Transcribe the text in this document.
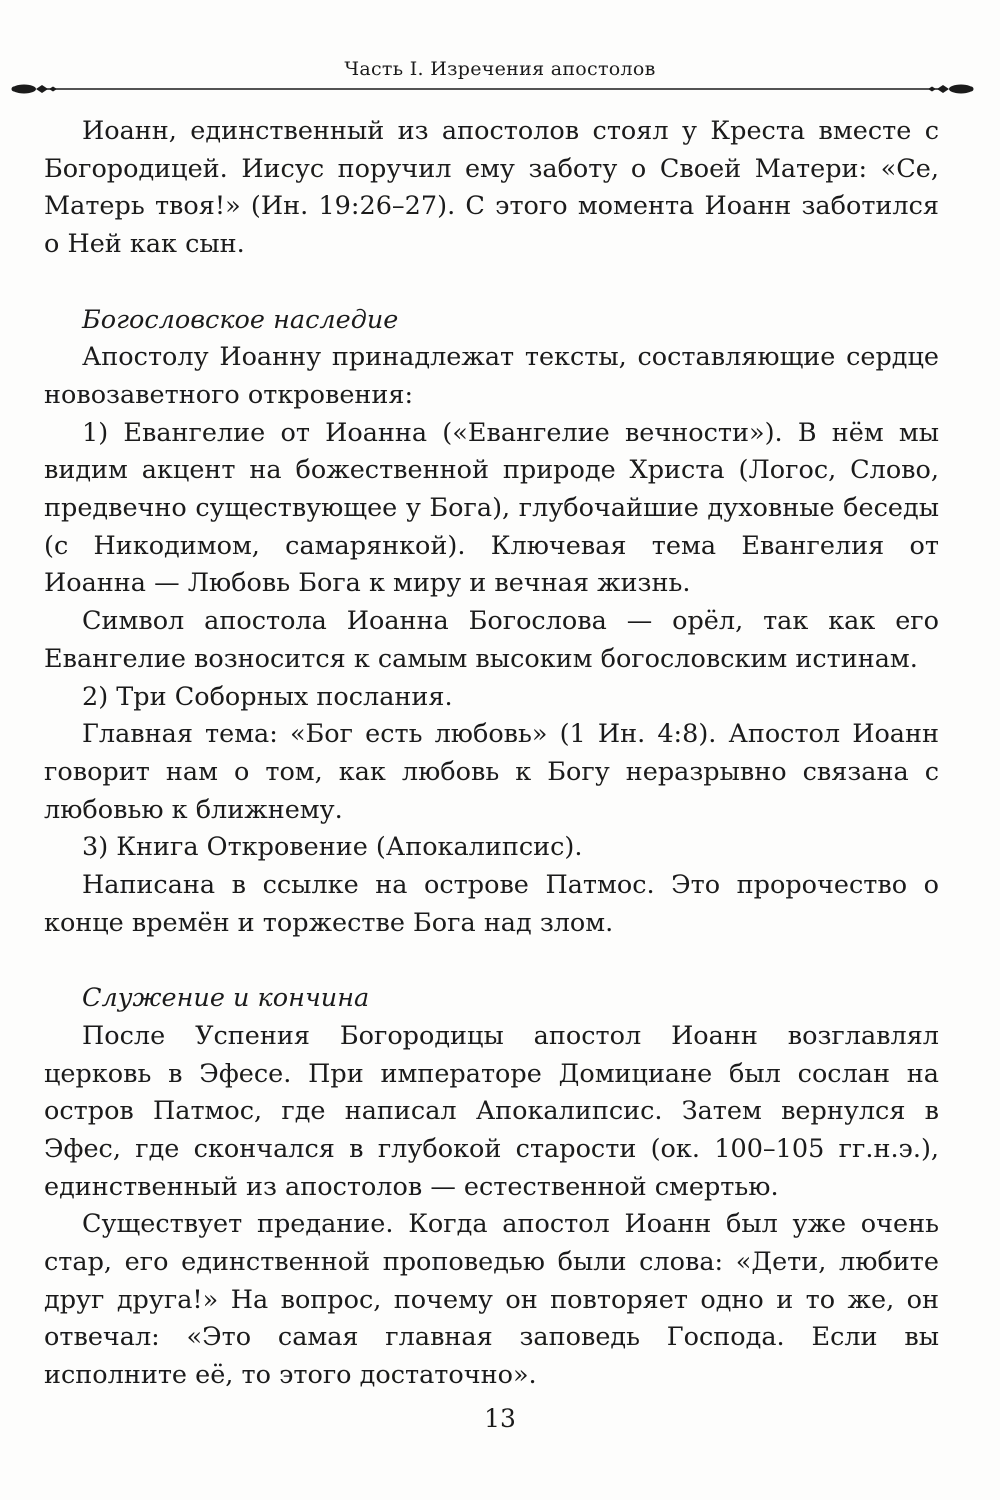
Часть I. Изречения апостолов

Иоанн, единственный из апостолов стоял у Креста вместе с Богородицей. Иисус поручил ему заботу о Своей Матери: «Се, Матерь твоя!» (Ин. 19:26–27). С этого момента Иоанн заботился о Ней как сын.

Богословское наследие

Апостолу Иоанну принадлежат тексты, составляющие сердце новозаветного откровения:

1) Евангелие от Иоанна («Евангелие вечности»). В нём мы видим акцент на божественной природе Христа (Логос, Слово, предвечно существующее у Бога), глубочайшие духовные беседы (с Никодимом, самарянкой). Ключевая тема Евангелия от Иоанна — Любовь Бога к миру и вечная жизнь.

Символ апостола Иоанна Богослова — орёл, так как его Евангелие возносится к самым высоким богословским истинам.

2) Три Соборных послания.

Главная тема: «Бог есть любовь» (1 Ин. 4:8). Апостол Иоанн говорит нам о том, как любовь к Богу неразрывно связана с любовью к ближнему.

3) Книга Откровение (Апокалипсис).

Написана в ссылке на острове Патмос. Это пророчество о конце времён и торжестве Бога над злом.

Служение и кончина

После Успения Богородицы апостол Иоанн возглавлял церковь в Эфесе. При императоре Домициане был сослан на остров Патмос, где написал Апокалипсис. Затем вернулся в Эфес, где скончался в глубокой старости (ок. 100–105 гг.н.э.), единственный из апостолов — естественной смертью.

Существует предание. Когда апостол Иоанн был уже очень стар, его единственной проповедью были слова: «Дети, любите друг друга!» На вопрос, почему он повторяет одно и то же, он отвечал: «Это самая главная заповедь Господа. Если вы исполните её, то этого достаточно».

13
